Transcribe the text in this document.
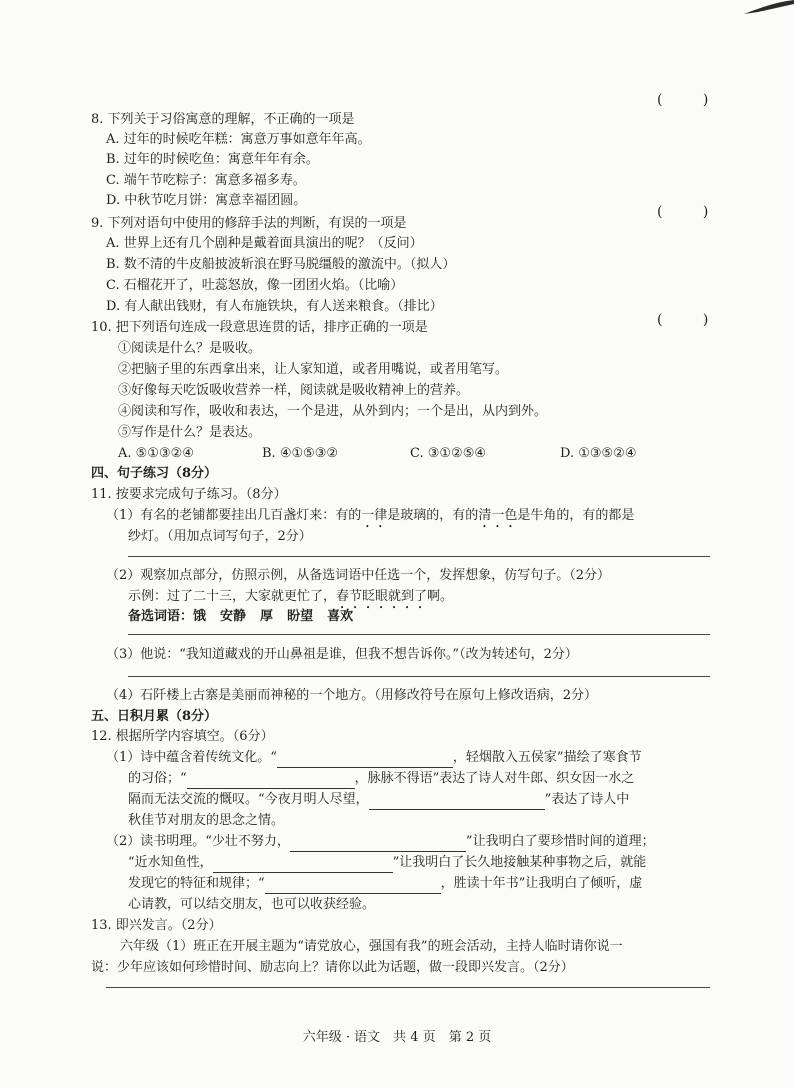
( )
8. 下列关于习俗寓意的理解，不正确的一项是
A. 过年的时候吃年糕：寓意万事如意年年高。
B. 过年的时候吃鱼：寓意年年有余。
C. 端午节吃粽子：寓意多福多寿。
D. 中秋节吃月饼：寓意幸福团圆。
( )
9. 下列对语句中使用的修辞手法的判断，有误的一项是
A. 世界上还有几个剧种是戴着面具演出的呢？（反问）
B. 数不清的牛皮船披波斩浪在野马脱缰般的激流中。（拟人）
C. 石榴花开了，吐蕊怒放，像一团团火焰。（比喻）
D. 有人献出钱财，有人布施铁块，有人送来粮食。（排比）
( )
10. 把下列语句连成一段意思连贯的话，排序正确的一项是
①阅读是什么？是吸收。
②把脑子里的东西拿出来，让人家知道，或者用嘴说，或者用笔写。
③好像每天吃饭吸收营养一样，阅读就是吸收精神上的营养。
④阅读和写作，吸收和表达，一个是进，从外到内；一个是出，从内到外。
⑤写作是什么？是表达。
A. ⑤①③②④	B. ④①⑤③②	C. ③①②⑤④	D. ①③⑤②④
四、句子练习（8分）
11. 按要求完成句子练习。（8分）
（1）有名的老铺都要挂出几百盏灯来：有的一律是玻璃的，有的清一色是牛角的，有的都是
纱灯。（用加点词写句子，2分）
（2）观察加点部分，仿照示例，从备选词语中任选一个，发挥想象，仿写句子。（2分）
示例：过了二十三，大家就更忙了，春节眨眼就到了啊。
备选词语：饿 安静 厚 盼望 喜欢
（3）他说：“我知道藏戏的开山鼻祖是谁，但我不想告诉你。”（改为转述句，2分）
（4）石阡楼上古寨是美丽而神秘的一个地方。（用修改符号在原句上修改语病，2分）
五、日积月累（8分）
12. 根据所学内容填空。（6分）
（1）诗中蕴含着传统文化。“	，轻烟散入五侯家”描绘了寒食节
的习俗；“	，脉脉不得语”表达了诗人对牛郎、织女因一水之
隔而无法交流的慨叹。“今夜月明人尽望，	”表达了诗人中
秋佳节对朋友的思念之情。
（2）读书明理。“少壮不努力，	”让我明白了要珍惜时间的道理；
“近水知鱼性，	”让我明白了长久地接触某种事物之后，就能
发现它的特征和规律；“	，胜读十年书”让我明白了倾听，虚
心请教，可以结交朋友，也可以收获经验。
13. 即兴发言。（2分）
六年级（1）班正在开展主题为“请党放心，强国有我”的班会活动，主持人临时请你说一
说：少年应该如何珍惜时间、励志向上？请你以此为话题，做一段即兴发言。（2分）
六年级 · 语文　共 4 页　第 2 页
